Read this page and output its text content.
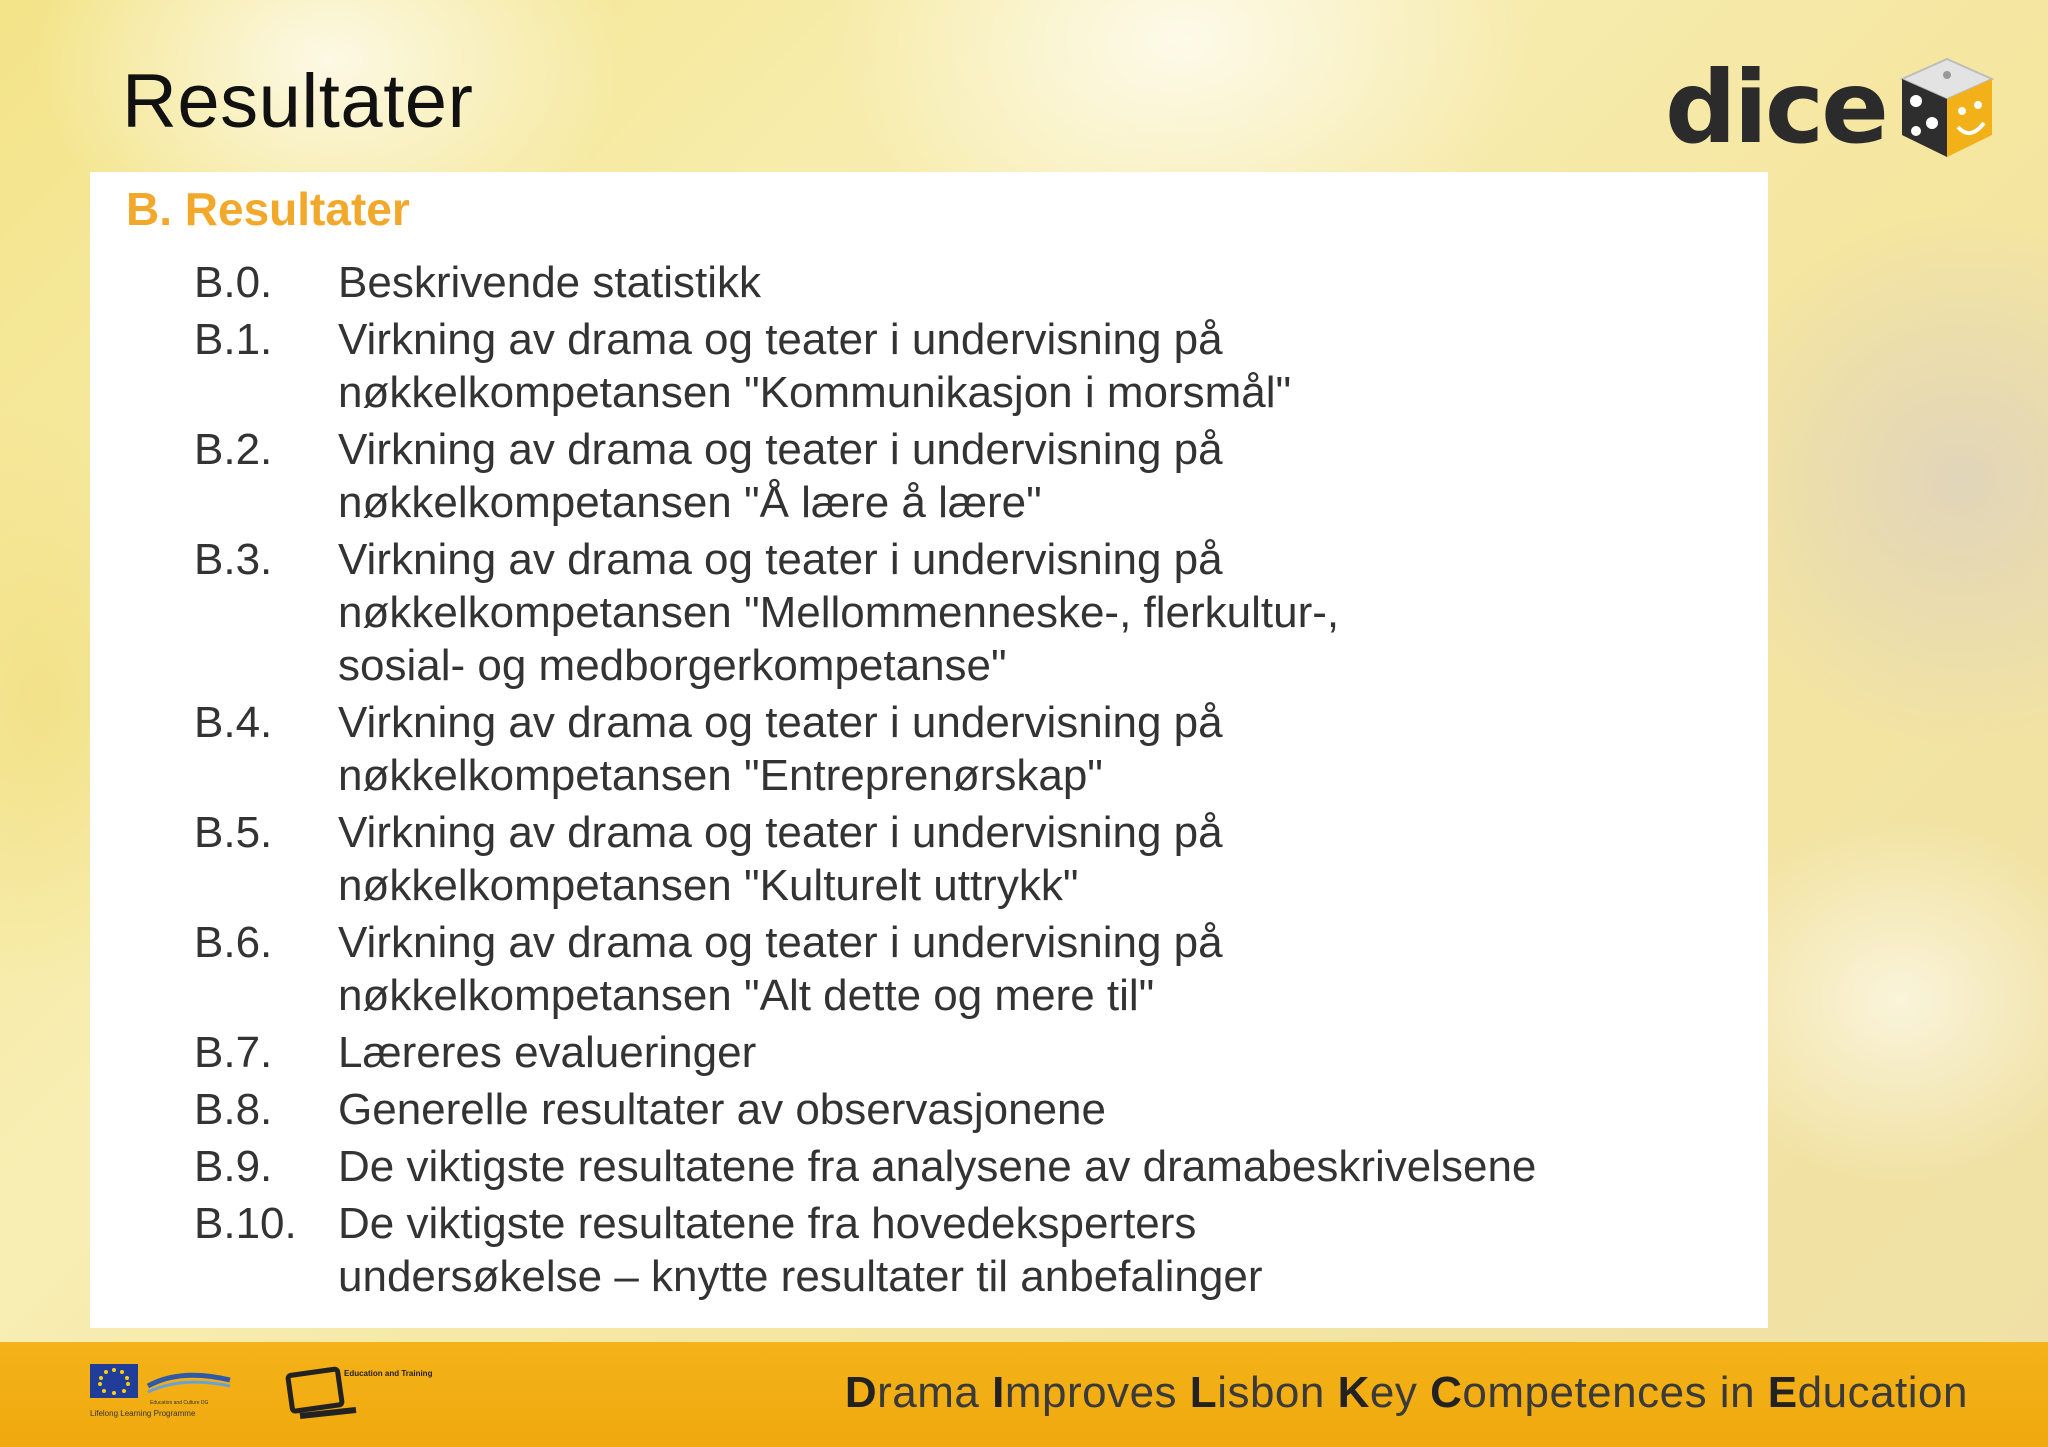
Resultater	dice
B. Resultater
B.0.	Beskrivende statistikk
B.1.	Virkning av drama og teater i undervisning på
nøkkelkompetansen "Kommunikasjon i morsmål"
B.2.	Virkning av drama og teater i undervisning på
nøkkelkompetansen "Å lære å lære"
B.3.	Virkning av drama og teater i undervisning på
nøkkelkompetansen "Mellommenneske-, flerkultur-,
sosial- og medborgerkompetanse"
B.4.	Virkning av drama og teater i undervisning på
nøkkelkompetansen "Entreprenørskap"
B.5.	Virkning av drama og teater i undervisning på
nøkkelkompetansen "Kulturelt uttrykk"
B.6.	Virkning av drama og teater i undervisning på
nøkkelkompetansen "Alt dette og mere til"
B.7.	Læreres evalueringer
B.8.	Generelle resultater av observasjonene
B.9.	De viktigste resultatene fra analysene av dramabeskrivelsene
B.10. De viktigste resultatene fra hovedeksperters
undersøkelse – knytte resultater til anbefalinger
Lifelong Learning Programme
Education and Culture DG
Education and Training	Drama Improves Lisbon Key Competences in Education
